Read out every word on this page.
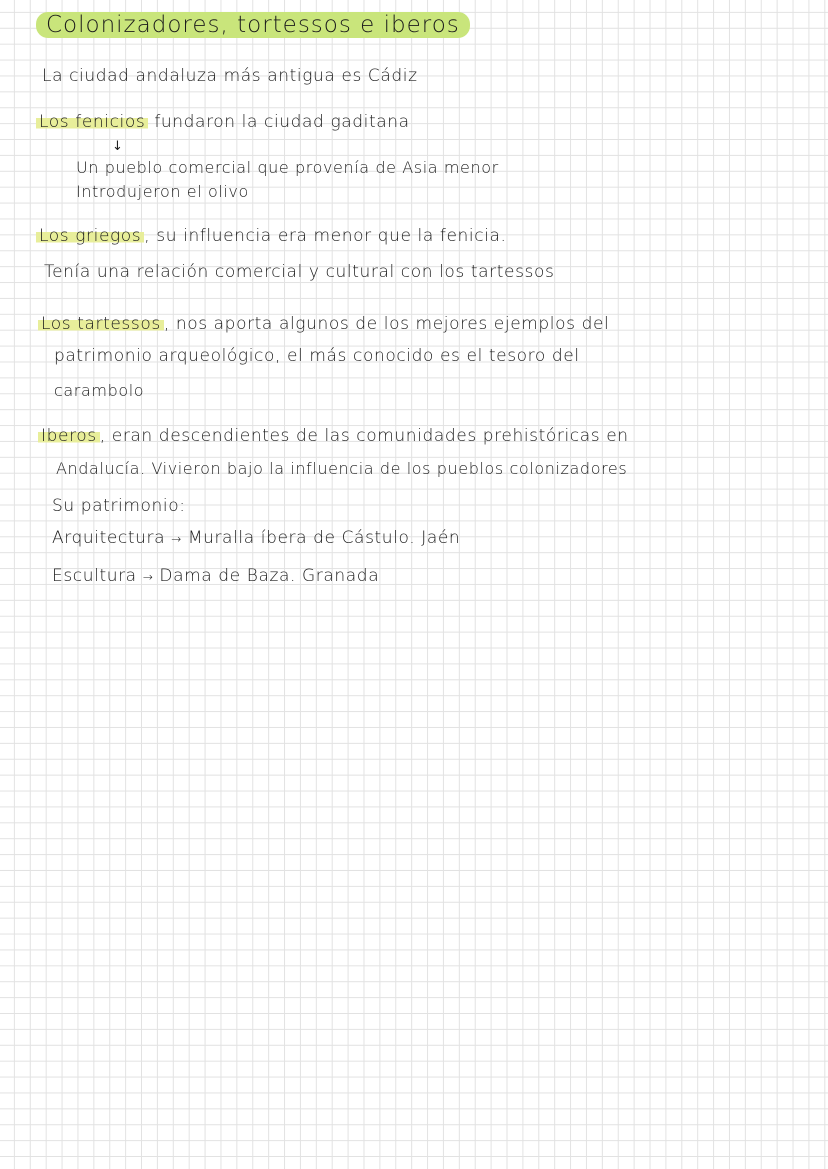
Colonizadores, tortessos e iberos
La ciudad andaluza más antigua es Cádiz
Los fenicios fundaron la ciudad gaditana
↓
Un pueblo comercial que provenía de Asia menor
Introdujeron el olivo
Los griegos , su influencia era menor que la fenicia.
Tenía una relación comercial y cultural con los tartessos
Los tartessos , nos aporta algunos de los mejores ejemplos del
patrimonio arqueológico, el más conocido es el tesoro del
carambolo
Iberos , eran descendientes de las comunidades prehistóricas en
Andalucía. Vivieron bajo la influencia de los pueblos colonizadores
Su patrimonio:
Arquitectura → Muralla íbera de Cástulo. Jaén
Escultura → Dama de Baza. Granada
